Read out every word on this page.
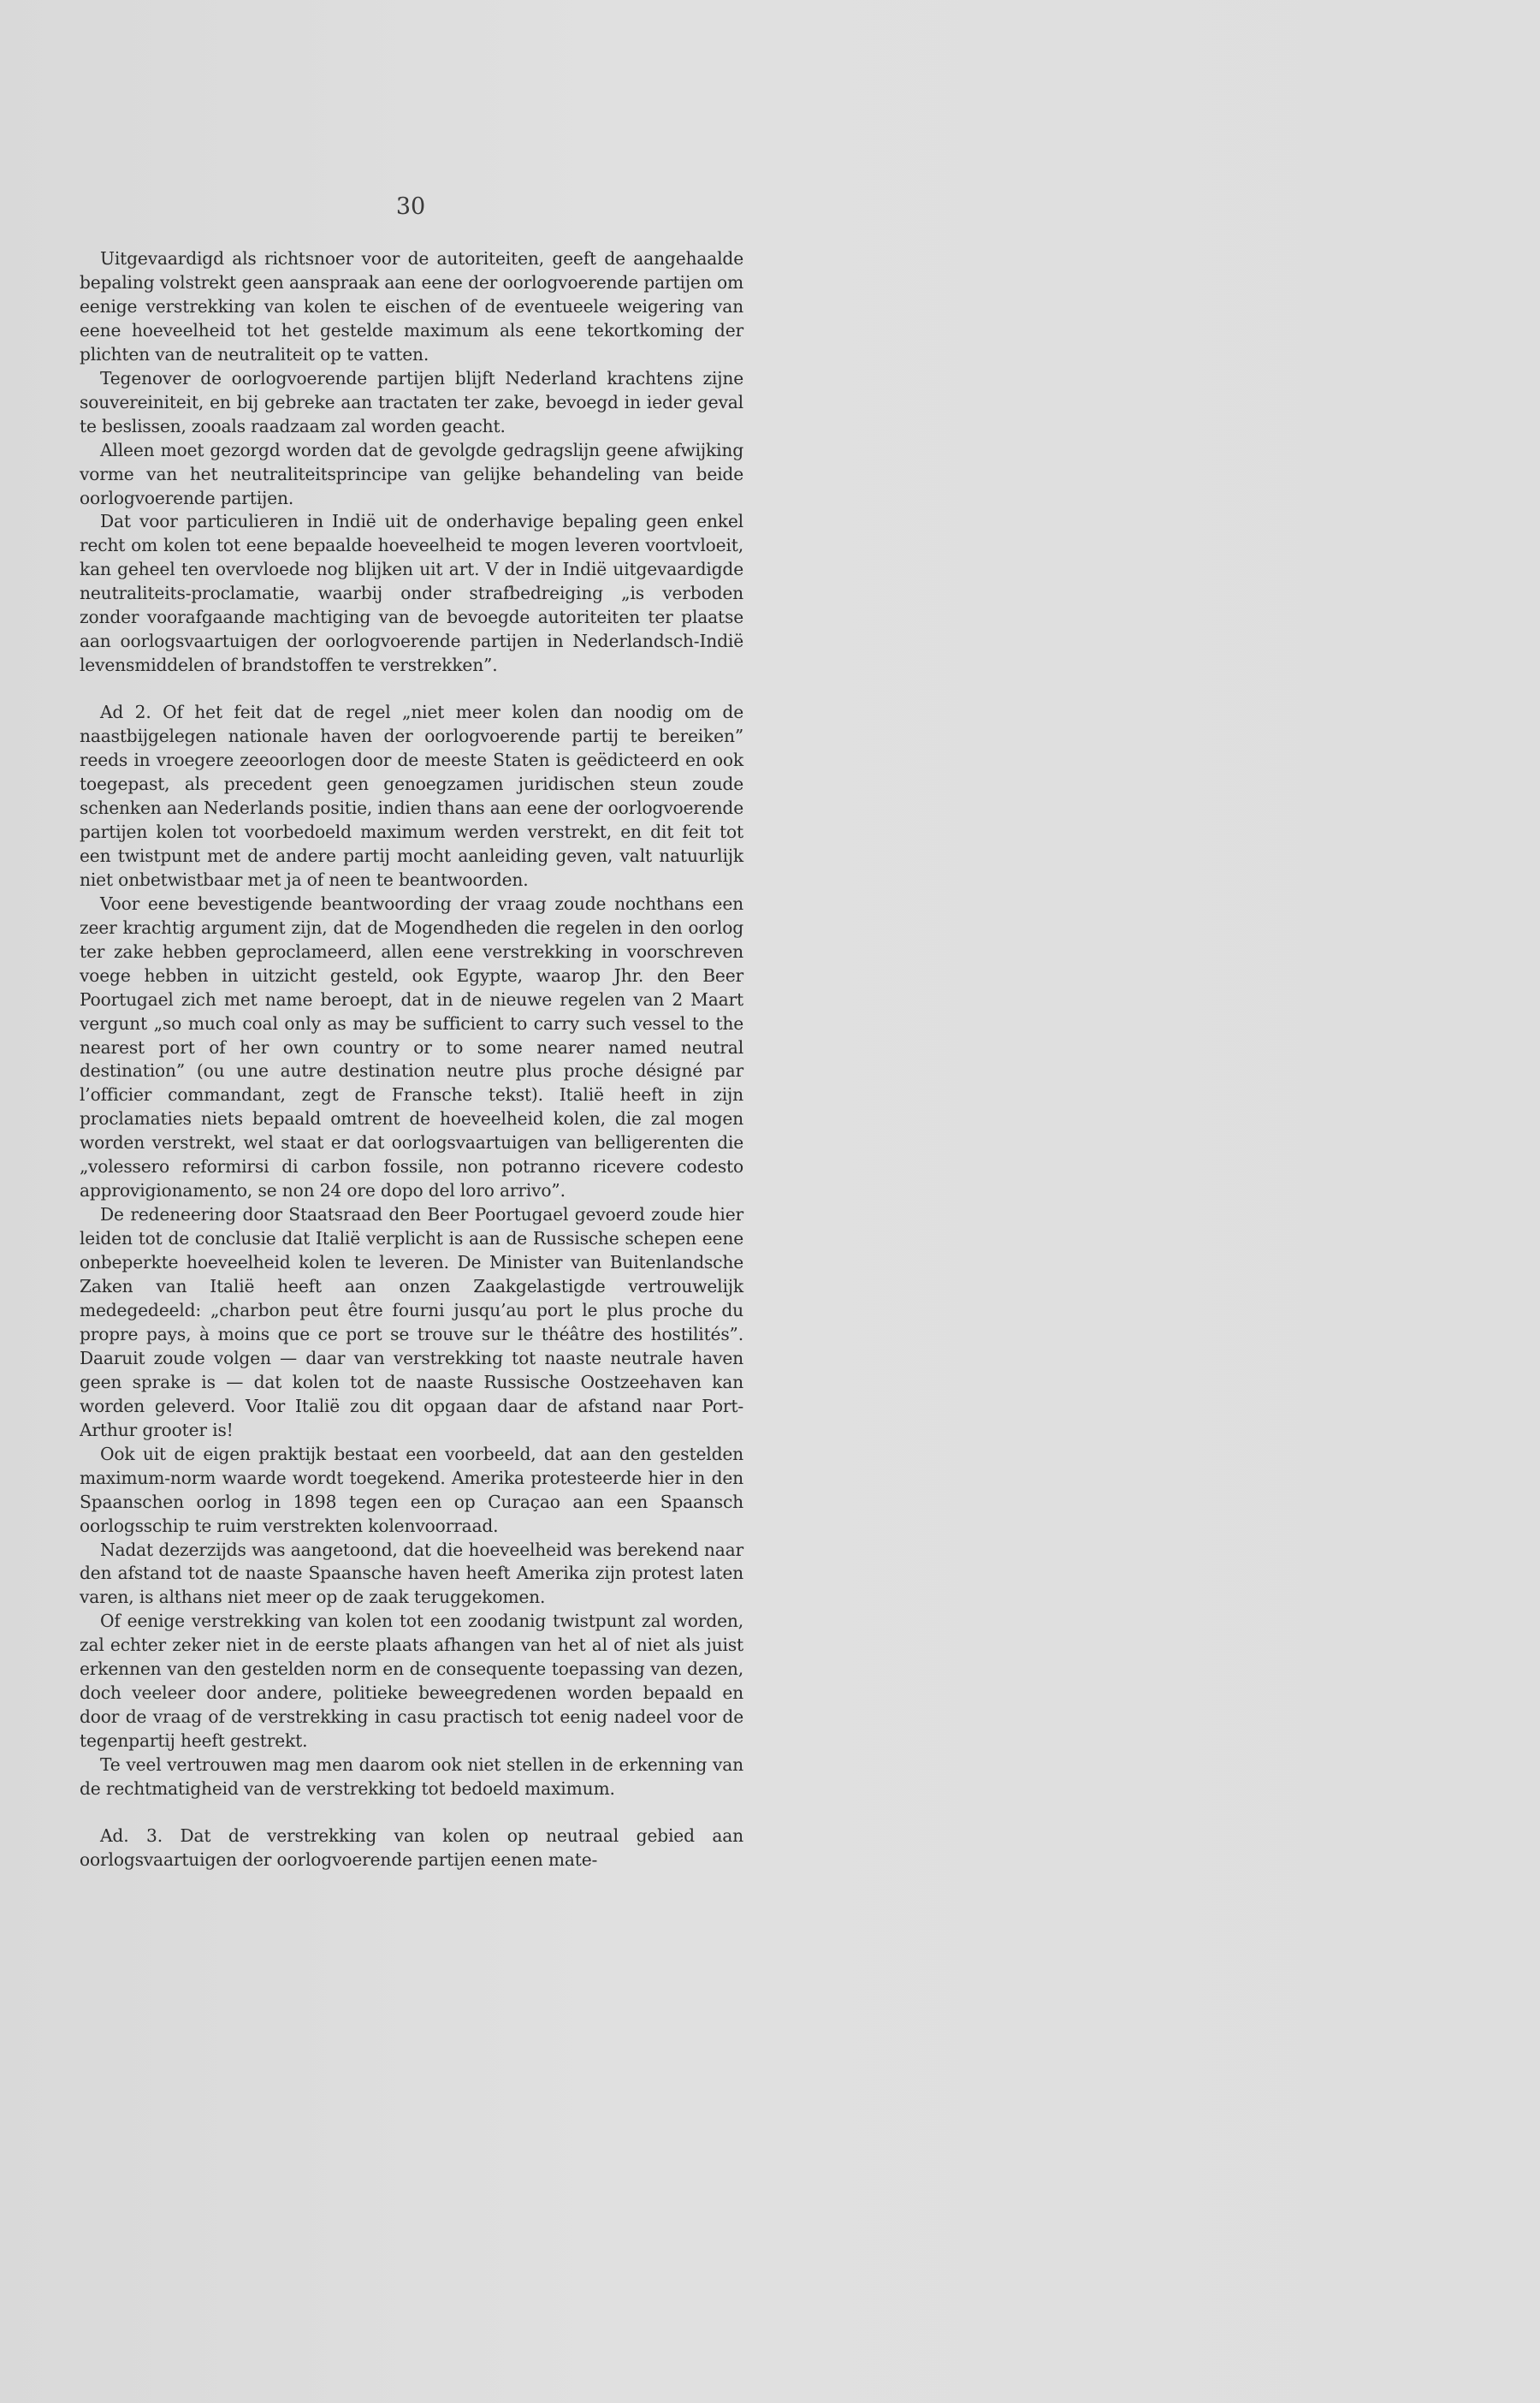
30

Uitgevaardigd als richtsnoer voor de autoriteiten, geeft de aangehaalde bepaling volstrekt geen aanspraak aan eene der oorlogvoerende partijen om eenige verstrekking van kolen te eischen of de eventueele weigering van eene hoeveelheid tot het gestelde maximum als eene tekortkoming der plichten van de neutraliteit op te vatten.

Tegenover de oorlogvoerende partijen blijft Nederland krachtens zijne souvereiniteit, en bij gebreke aan tractaten ter zake, bevoegd in ieder geval te beslissen, zooals raadzaam zal worden geacht.

Alleen moet gezorgd worden dat de gevolgde gedragslijn geene afwijking vorme van het neutraliteitsprincipe van gelijke behandeling van beide oorlogvoerende partijen.

Dat voor particulieren in Indië uit de onderhavige bepaling geen enkel recht om kolen tot eene bepaalde hoeveelheid te mogen leveren voortvloeit, kan geheel ten overvloede nog blijken uit art. V der in Indië uitgevaardigde neutraliteits-proclamatie, waarbij onder strafbedreiging „is verboden zonder voorafgaande machtiging van de bevoegde autoriteiten ter plaatse aan oorlogsvaartuigen der oorlogvoerende partijen in Nederlandsch-Indië levensmiddelen of brandstoffen te verstrekken”.

Ad 2. Of het feit dat de regel „niet meer kolen dan noodig om de naastbijgelegen nationale haven der oorlogvoerende partij te bereiken” reeds in vroegere zeeoorlogen door de meeste Staten is geëdicteerd en ook toegepast, als precedent geen genoegzamen juridischen steun zoude schenken aan Nederlands positie, indien thans aan eene der oorlogvoerende partijen kolen tot voorbedoeld maximum werden verstrekt, en dit feit tot een twistpunt met de andere partij mocht aanleiding geven, valt natuurlijk niet onbetwistbaar met ja of neen te beantwoorden.

Voor eene bevestigende beantwoording der vraag zoude nochthans een zeer krachtig argument zijn, dat de Mogendheden die regelen in den oorlog ter zake hebben geproclameerd, allen eene verstrekking in voorschreven voege hebben in uitzicht gesteld, ook Egypte, waarop Jhr. den Beer Poortugael zich met name beroept, dat in de nieuwe regelen van 2 Maart vergunt „so much coal only as may be sufficient to carry such vessel to the nearest port of her own country or to some nearer named neutral destination” (ou une autre destination neutre plus proche désigné par l’officier commandant, zegt de Fransche tekst). Italië heeft in zijn proclamaties niets bepaald omtrent de hoeveelheid kolen, die zal mogen worden verstrekt, wel staat er dat oorlogsvaartuigen van belligerenten die „volessero reformirsi di carbon fossile, non potranno ricevere codesto approvigionamento, se non 24 ore dopo del loro arrivo”.

De redeneering door Staatsraad den Beer Poortugael gevoerd zoude hier leiden tot de conclusie dat Italië verplicht is aan de Russische schepen eene onbeperkte hoeveelheid kolen te leveren. De Minister van Buitenlandsche Zaken van Italië heeft aan onzen Zaakgelastigde vertrouwelijk medegedeeld: „charbon peut être fourni jusqu’au port le plus proche du propre pays, à moins que ce port se trouve sur le théâtre des hostilités”. Daaruit zoude volgen — daar van verstrekking tot naaste neutrale haven geen sprake is — dat kolen tot de naaste Russische Oostzeehaven kan worden geleverd. Voor Italië zou dit opgaan daar de afstand naar Port-Arthur grooter is!

Ook uit de eigen praktijk bestaat een voorbeeld, dat aan den gestelden maximum-norm waarde wordt toegekend. Amerika protesteerde hier in den Spaanschen oorlog in 1898 tegen een op Curaçao aan een Spaansch oorlogsschip te ruim verstrekten kolenvoorraad.

Nadat dezerzijds was aangetoond, dat die hoeveelheid was berekend naar den afstand tot de naaste Spaansche haven heeft Amerika zijn protest laten varen, is althans niet meer op de zaak teruggekomen.

Of eenige verstrekking van kolen tot een zoodanig twistpunt zal worden, zal echter zeker niet in de eerste plaats afhangen van het al of niet als juist erkennen van den gestelden norm en de consequente toepassing van dezen, doch veeleer door andere, politieke beweegredenen worden bepaald en door de vraag of de verstrekking in casu practisch tot eenig nadeel voor de tegenpartij heeft gestrekt.

Te veel vertrouwen mag men daarom ook niet stellen in de erkenning van de rechtmatigheid van de verstrekking tot bedoeld maximum.

Ad. 3. Dat de verstrekking van kolen op neutraal gebied aan oorlogsvaartuigen der oorlogvoerende partijen eenen mate-
